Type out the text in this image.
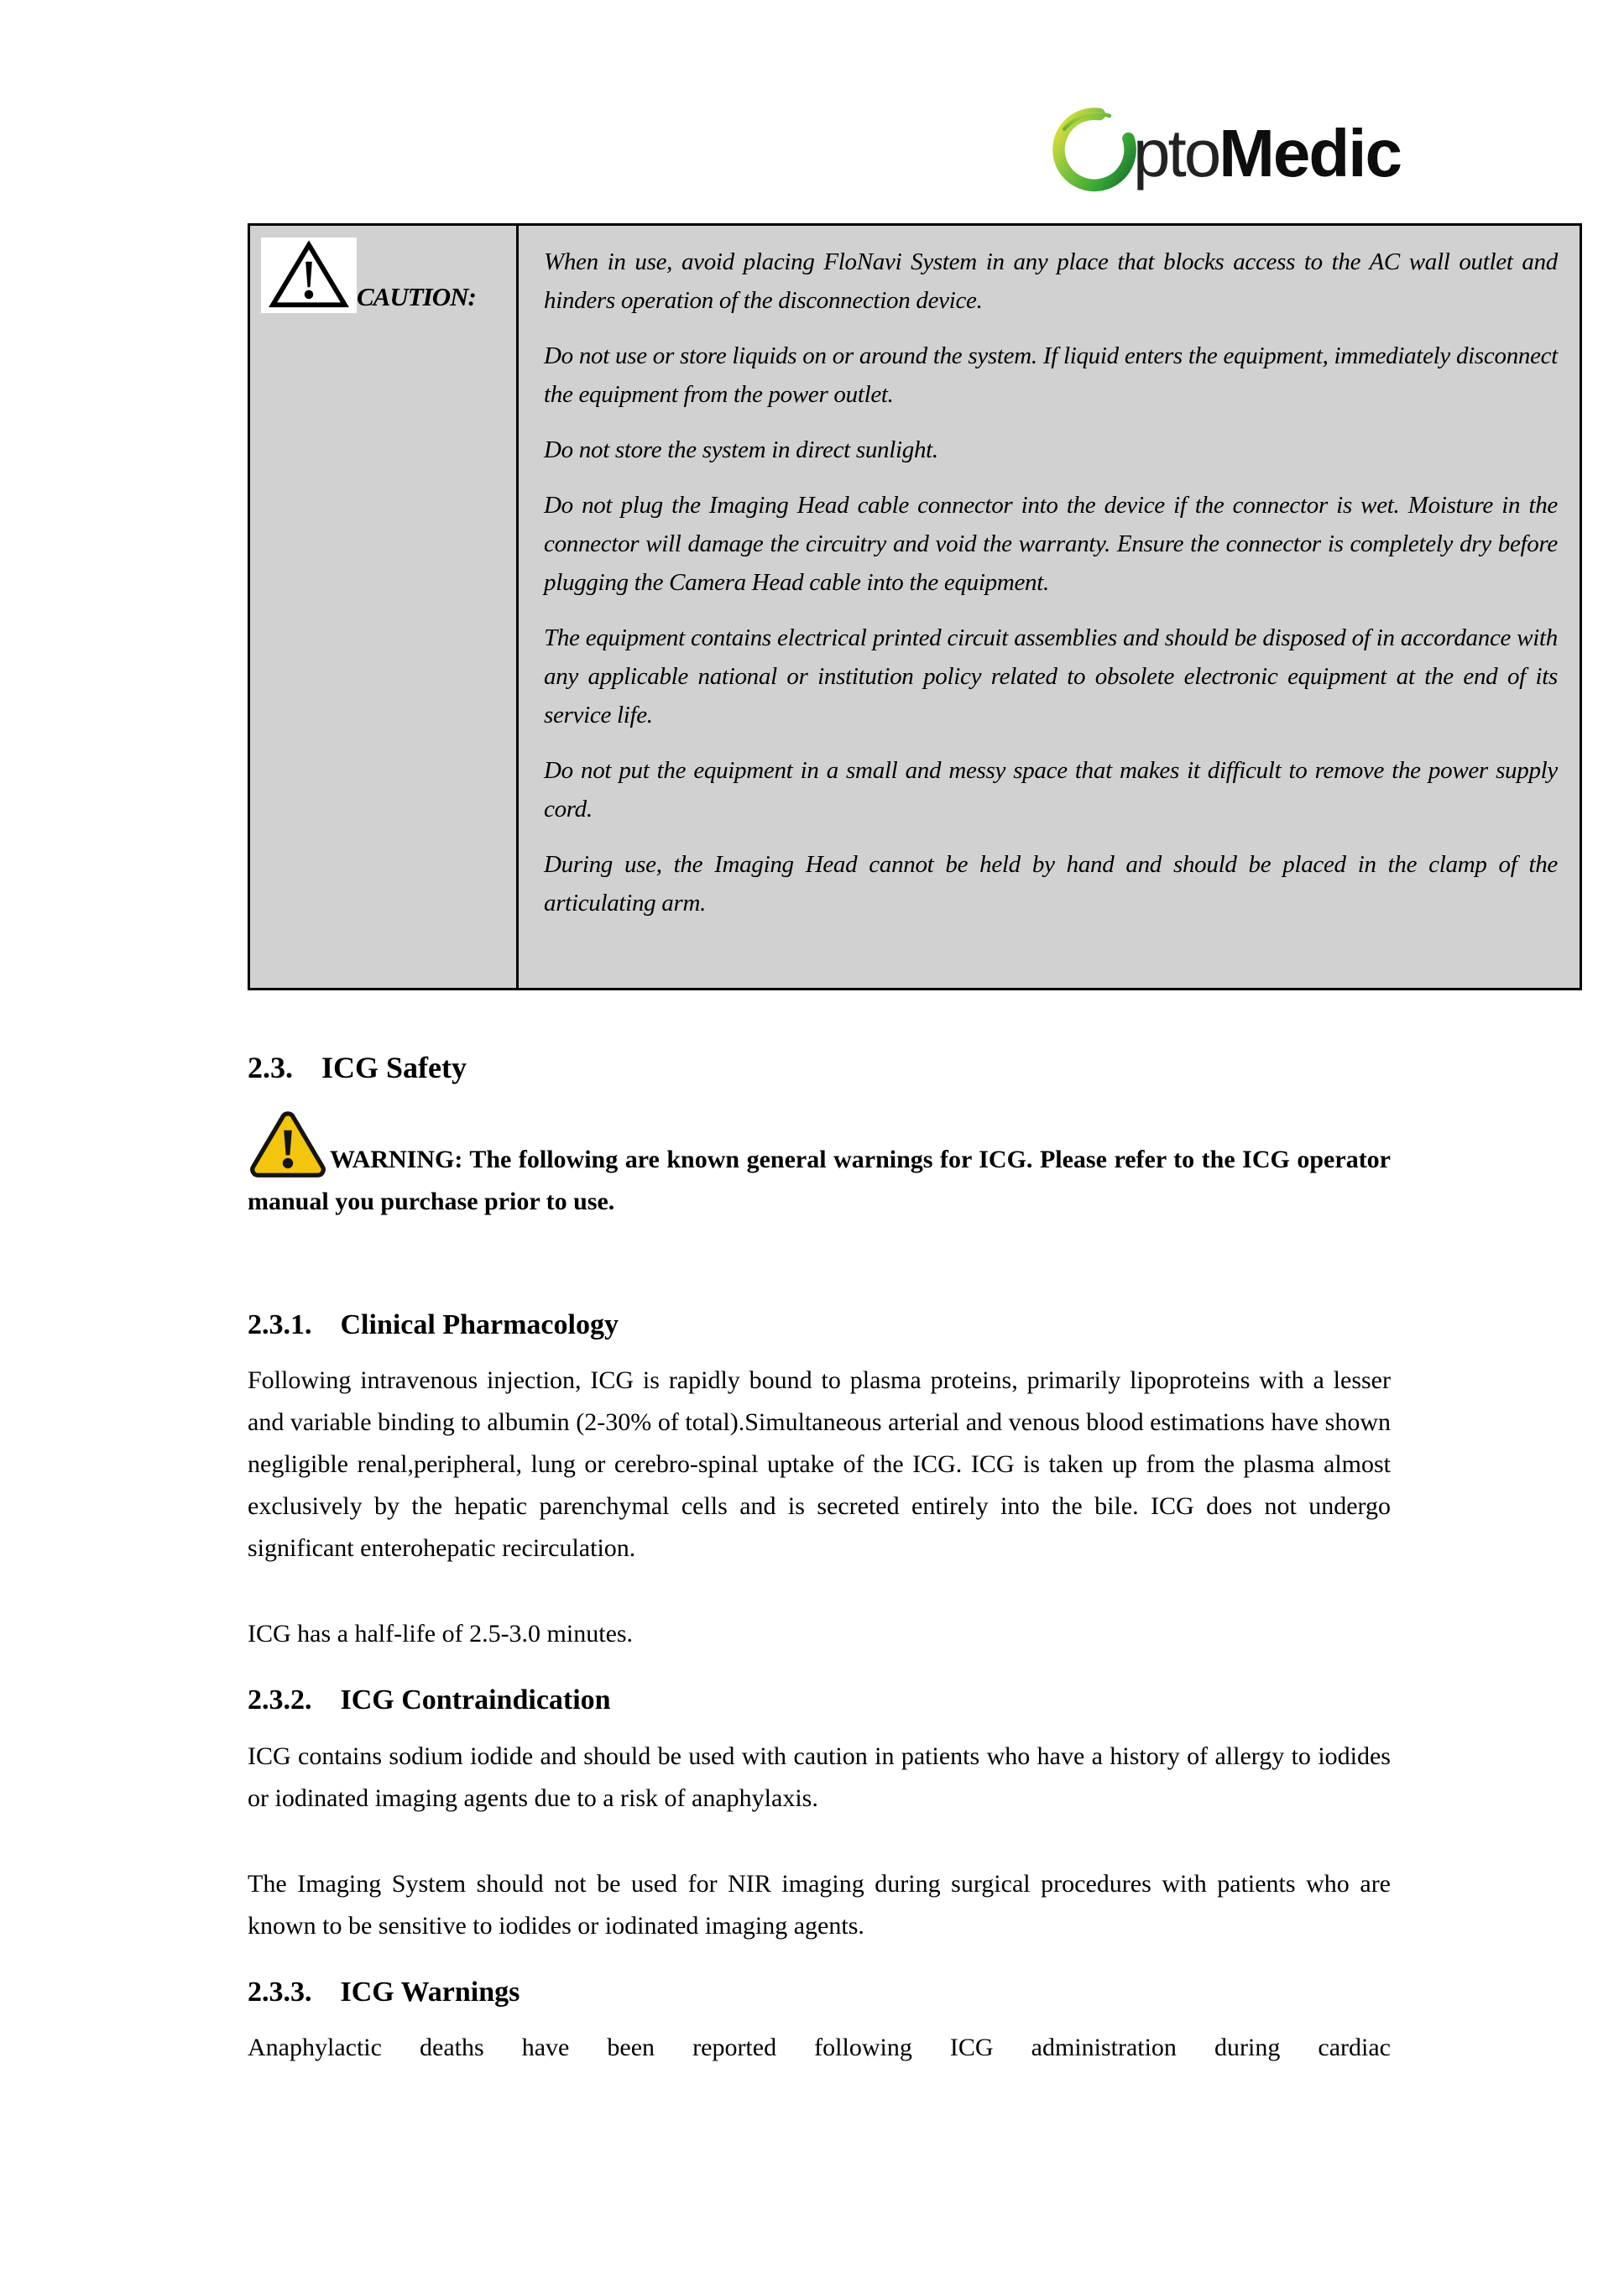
pto Medic
CAUTION:

When in use, avoid placing FloNavi System in any place that blocks access to the AC wall outlet and hinders operation of the disconnection device.

Do not use or store liquids on or around the system. If liquid enters the equipment, immediately disconnect the equipment from the power outlet.

Do not store the system in direct sunlight.

Do not plug the Imaging Head cable connector into the device if the connector is wet. Moisture in the connector will damage the circuitry and void the warranty. Ensure the connector is completely dry before plugging the Camera Head cable into the equipment.

The equipment contains electrical printed circuit assemblies and should be disposed of in accordance with any applicable national or institution policy related to obsolete electronic equipment at the end of its service life.

Do not put the equipment in a small and messy space that makes it difficult to remove the power supply cord.

During use, the Imaging Head cannot be held by hand and should be placed in the clamp of the articulating arm.

2.3. ICG Safety

WARNING: The following are known general warnings for ICG. Please refer to the ICG operator manual you purchase prior to use.

2.3.1. Clinical Pharmacology

Following intravenous injection, ICG is rapidly bound to plasma proteins, primarily lipoproteins with a lesser and variable binding to albumin (2-30% of total).Simultaneous arterial and venous blood estimations have shown negligible renal,peripheral, lung or cerebro-spinal uptake of the ICG. ICG is taken up from the plasma almost exclusively by the hepatic parenchymal cells and is secreted entirely into the bile. ICG does not undergo significant enterohepatic recirculation.

ICG has a half-life of 2.5-3.0 minutes.

2.3.2. ICG Contraindication

ICG contains sodium iodide and should be used with caution in patients who have a history of allergy to iodides or iodinated imaging agents due to a risk of anaphylaxis.

The Imaging System should not be used for NIR imaging during surgical procedures with patients who are known to be sensitive to iodides or iodinated imaging agents.

2.3.3. ICG Warnings

Anaphylactic deaths have been reported following ICG administration during cardiac
